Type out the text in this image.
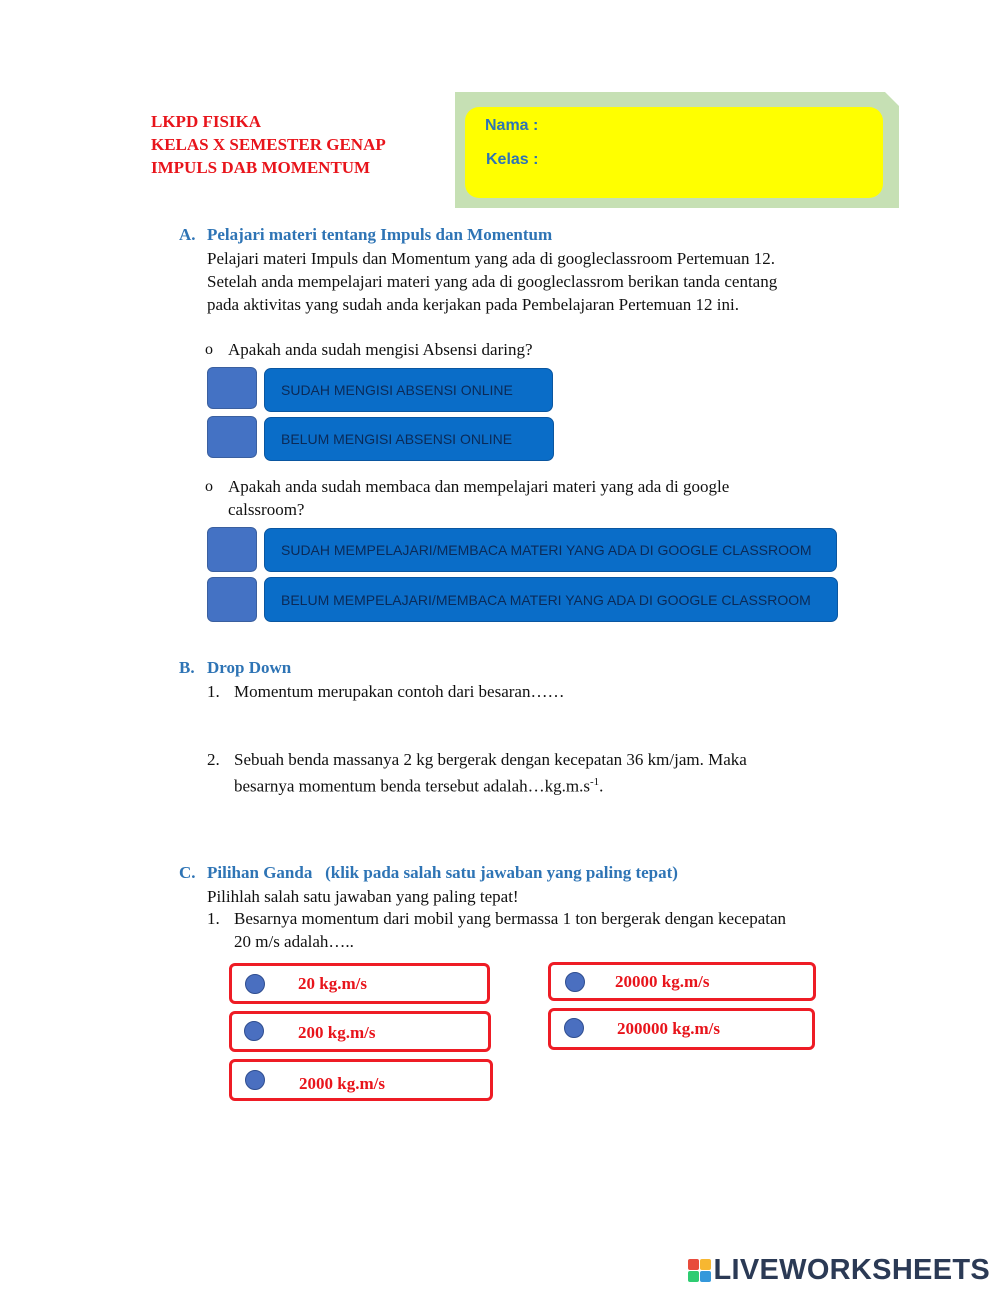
LKPD FISIKA
KELAS X SEMESTER GENAP
IMPULS DAB MOMENTUM
Nama :
Kelas :
A. Pelajari materi tentang Impuls dan Momentum
Pelajari materi Impuls dan Momentum yang ada di googleclassroom Pertemuan 12.
Setelah anda mempelajari materi yang ada di googleclassrom berikan tanda centang
pada aktivitas yang sudah anda kerjakan pada Pembelajaran Pertemuan 12 ini.
o Apakah anda sudah mengisi Absensi daring?
SUDAH MENGISI ABSENSI ONLINE
BELUM MENGISI ABSENSI ONLINE
o Apakah anda sudah membaca dan mempelajari materi yang ada di google
calssroom?
SUDAH MEMPELAJARI/MEMBACA MATERI YANG ADA DI GOOGLE CLASSROOM
BELUM MEMPELAJARI/MEMBACA MATERI YANG ADA DI GOOGLE CLASSROOM
B. Drop Down
1. Momentum merupakan contoh dari besaran……
2. Sebuah benda massanya 2 kg bergerak dengan kecepatan 36 km/jam. Maka
besarnya momentum benda tersebut $adalah\dots kg.m.s^{-1}$.
C. Pilihan Ganda   (klik pada salah satu jawaban yang paling tepat)
Pilihlah salah satu jawaban yang paling tepat!
1. Besarnya momentum dari mobil yang bermassa 1 ton bergerak dengan kecepatan
20 m/s adalah…..
20 kg.m/s
200 kg.m/s
2000 kg.m/s
20000 kg.m/s
200000 kg.m/s
LIVEWORKSHEETS
